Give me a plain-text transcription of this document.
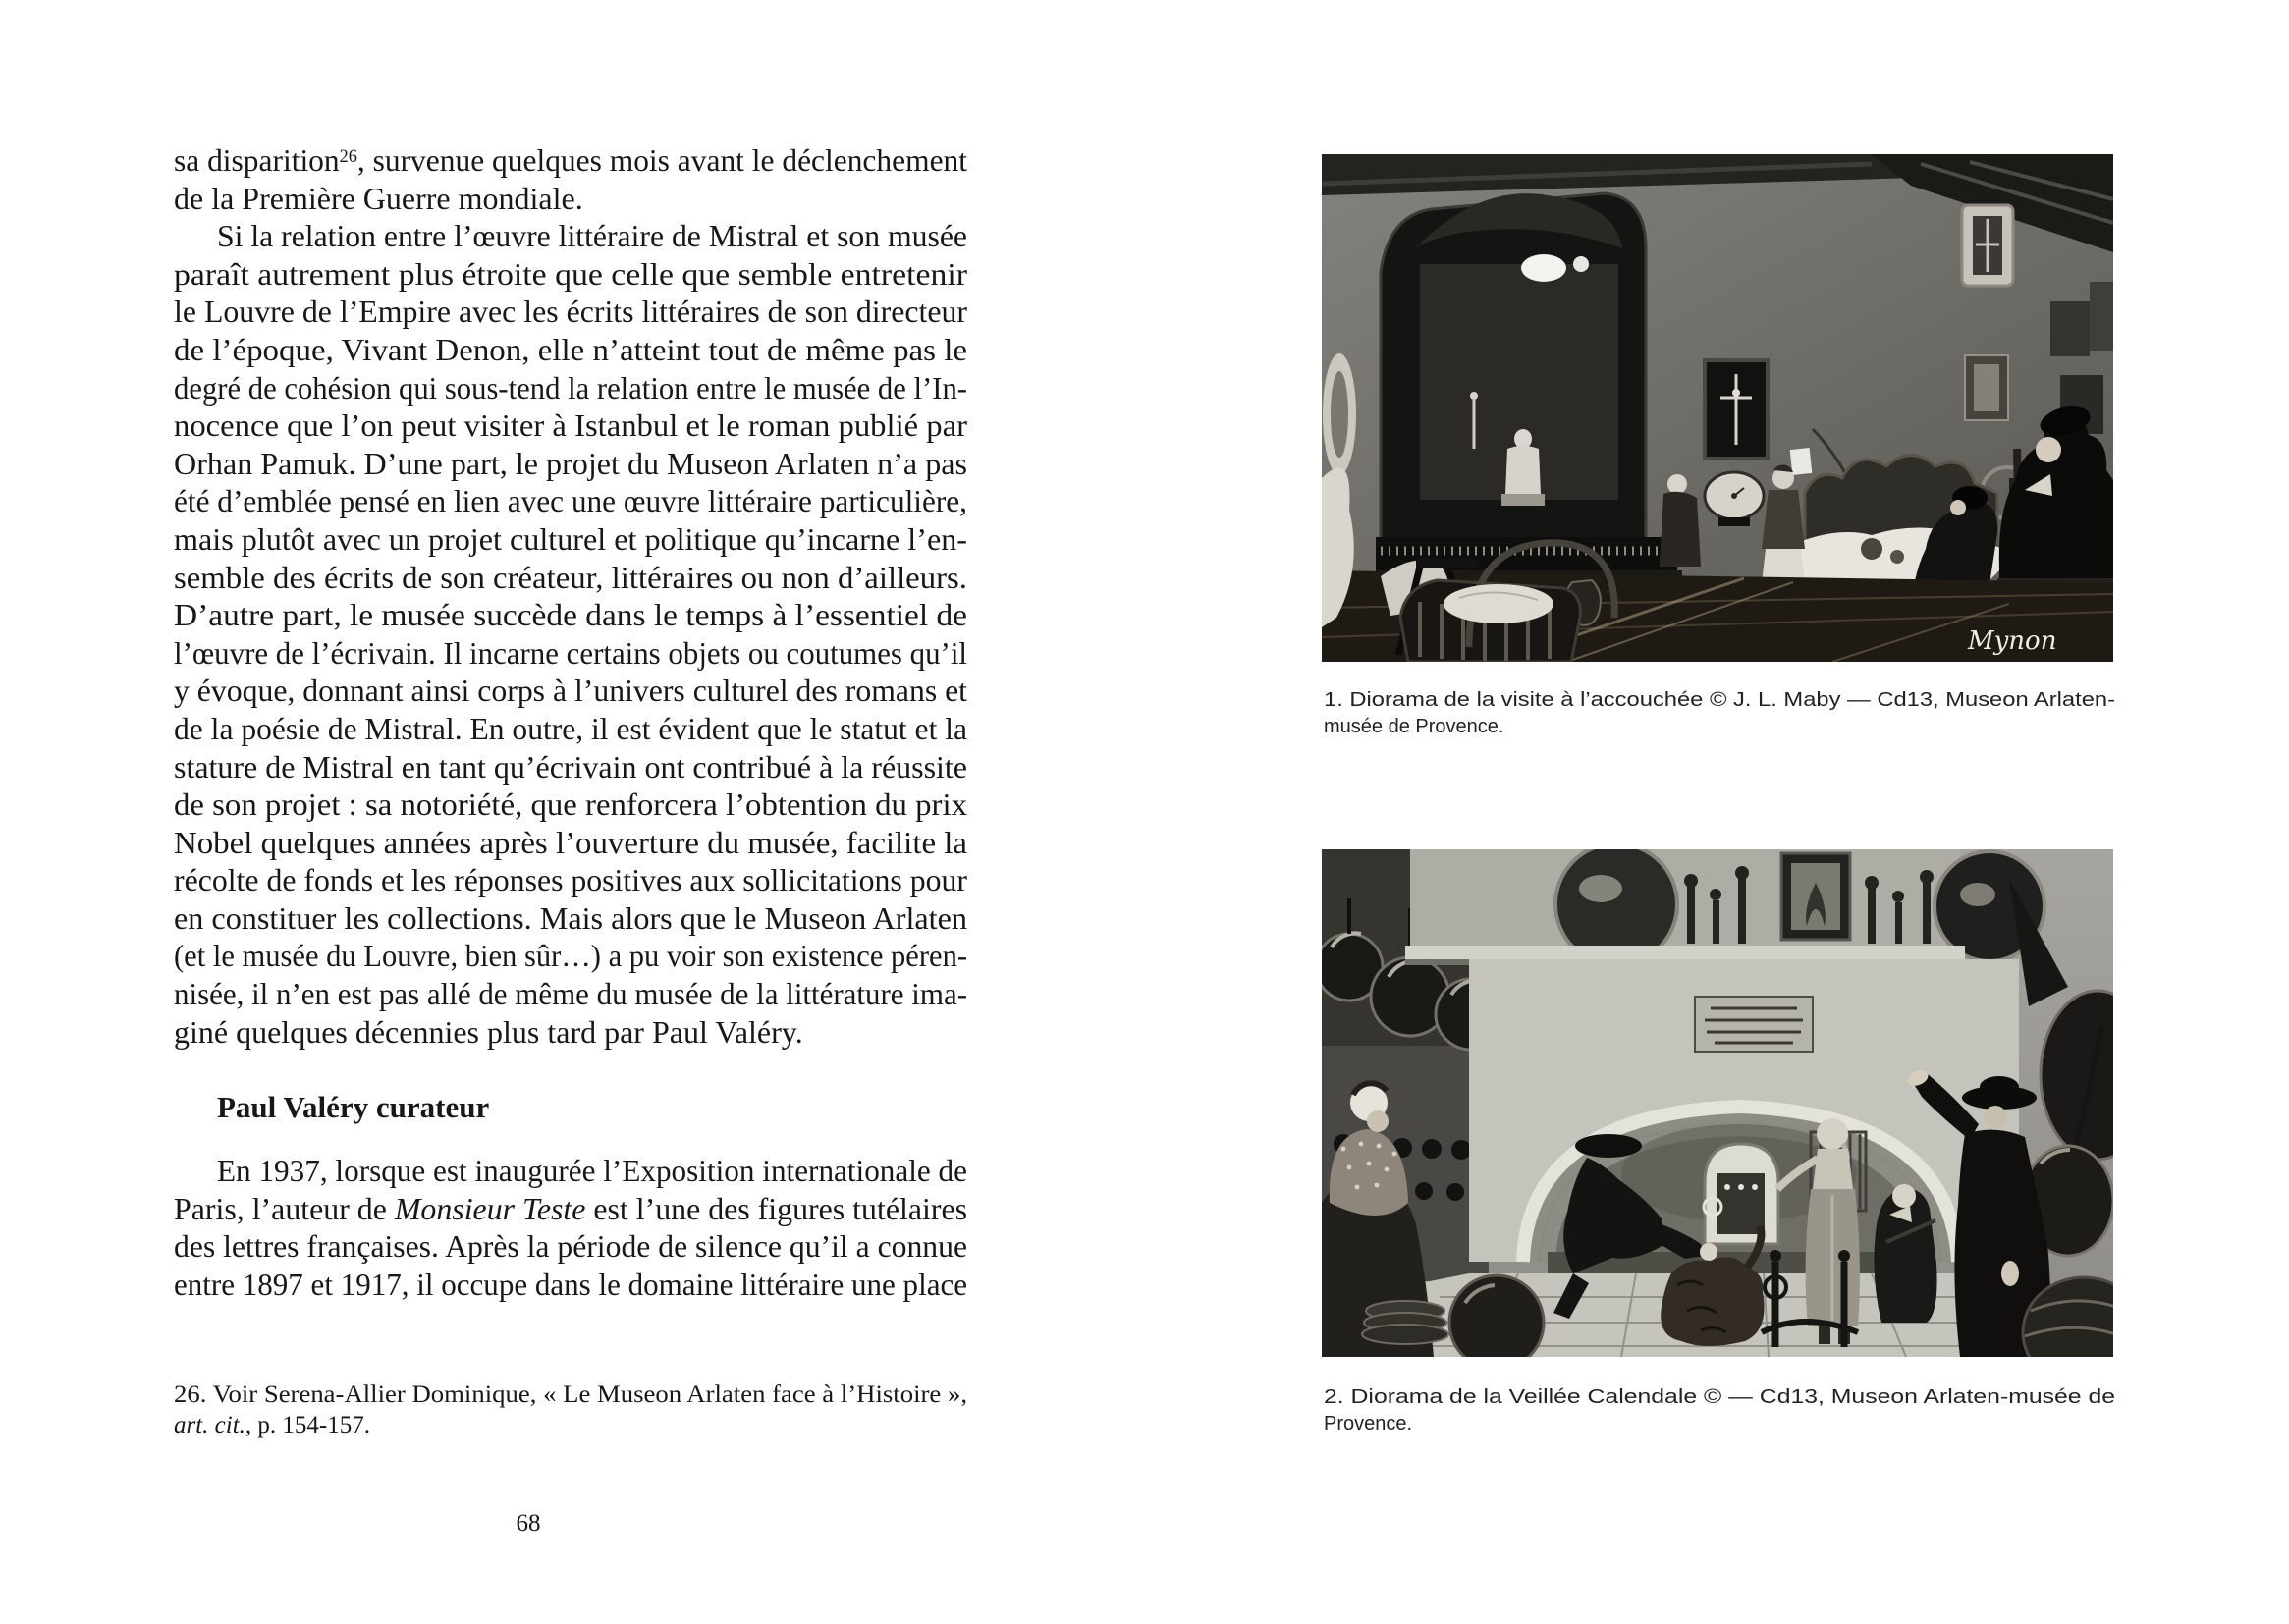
sa disparition$^{26}$, survenue quelques mois avant le déclenchement
de la Première Guerre mondiale.
Si la relation entre l’œuvre littéraire de Mistral et son musée
paraît autrement plus étroite que celle que semble entretenir
le Louvre de l’Empire avec les écrits littéraires de son directeur
de l’époque, Vivant Denon, elle n’atteint tout de même pas le
degré de cohésion qui sous-tend la relation entre le musée de l’In-
nocence que l’on peut visiter à Istanbul et le roman publié par
Orhan Pamuk. D’une part, le projet du Museon Arlaten n’a pas
été d’emblée pensé en lien avec une œuvre littéraire particulière,
mais plutôt avec un projet culturel et politique qu’incarne l’en-
semble des écrits de son créateur, littéraires ou non d’ailleurs.
D’autre part, le musée succède dans le temps à l’essentiel de
l’œuvre de l’écrivain. Il incarne certains objets ou coutumes qu’il
y évoque, donnant ainsi corps à l’univers culturel des romans et
de la poésie de Mistral. En outre, il est évident que le statut et la
stature de Mistral en tant qu’écrivain ont contribué à la réussite
de son projet : sa notoriété, que renforcera l’obtention du prix
Nobel quelques années après l’ouverture du musée, facilite la
récolte de fonds et les réponses positives aux sollicitations pour
en constituer les collections. Mais alors que le Museon Arlaten
(et le musée du Louvre, bien sûr…) a pu voir son existence péren-
nisée, il n’en est pas allé de même du musée de la littérature ima-
giné quelques décennies plus tard par Paul Valéry.
Paul Valéry curateur
En 1937, lorsque est inaugurée l’Exposition internationale de
Paris, l’auteur de Monsieur Teste est l’une des figures tutélaires
des lettres françaises. Après la période de silence qu’il a connue
entre 1897 et 1917, il occupe dans le domaine littéraire une place
26. Voir Serena-Allier Dominique, « Le Museon Arlaten face à l’Histoire »,
art. cit., p. 154-157.
68
Mynon
1. Diorama de la visite à l’accouchée © J. L. Maby — Cd13, Museon Arlaten-
musée de Provence.
2. Diorama de la Veillée Calendale © — Cd13, Museon Arlaten-musée de
Provence.
